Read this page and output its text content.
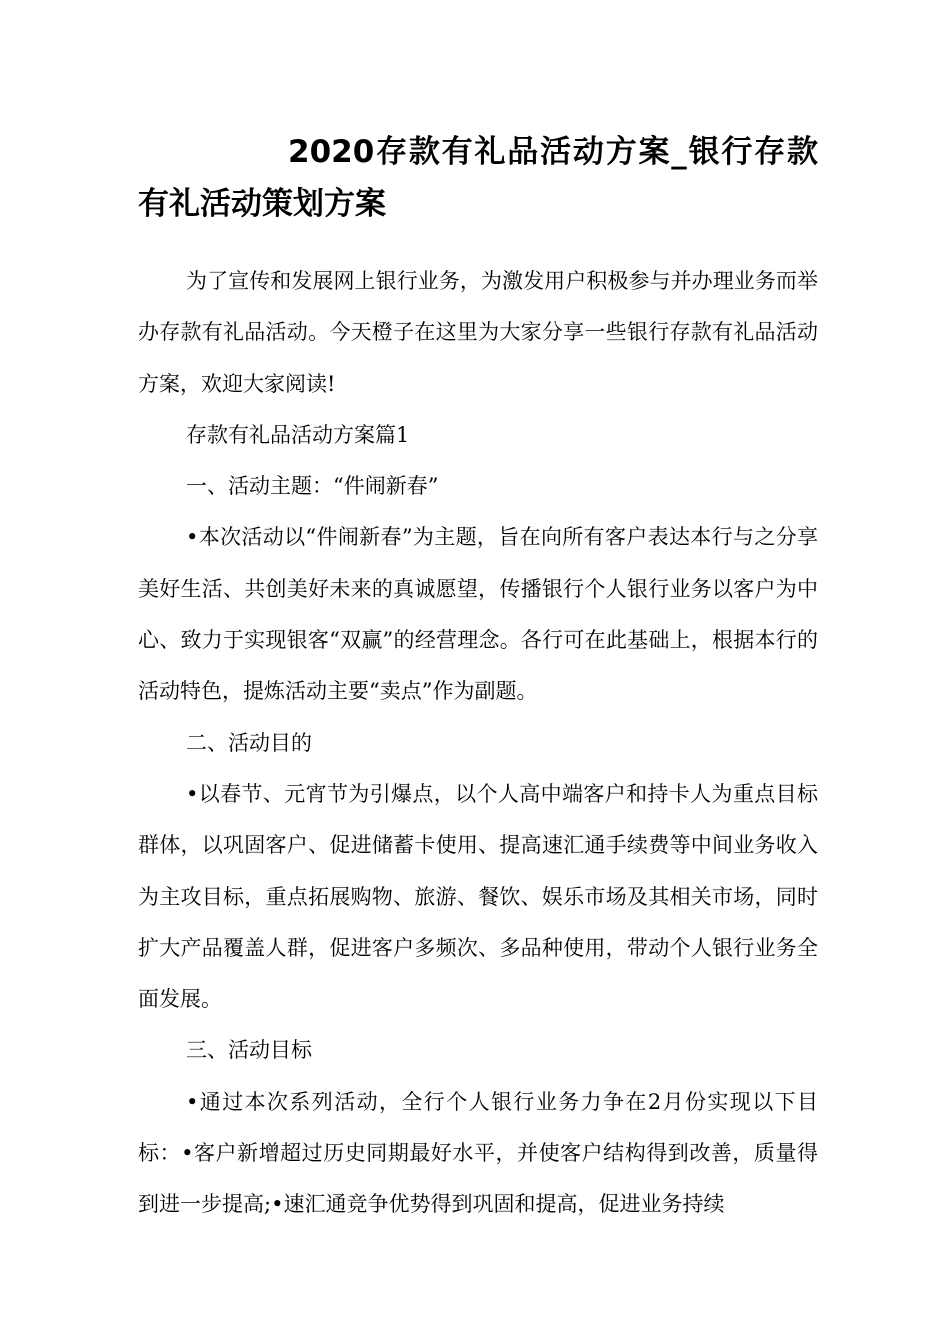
2020存款有礼品活动方案_银行存款有礼活动策划方案

为了宣传和发展网上银行业务，为激发用户积极参与并办理业务而举办存款有礼品活动。今天橙子在这里为大家分享一些银行存款有礼品活动方案，欢迎大家阅读!

存款有礼品活动方案篇1

一、活动主题：“件闹新春”

•本次活动以“件闹新春”为主题，旨在向所有客户表达本行与之分享美好生活、共创美好未来的真诚愿望，传播银行个人银行业务以客户为中心、致力于实现银客“双赢”的经营理念。各行可在此基础上，根据本行的活动特色，提炼活动主要“卖点”作为副题。

二、活动目的

•以春节、元宵节为引爆点，以个人高中端客户和持卡人为重点目标群体，以巩固客户、促进储蓄卡使用、提高速汇通手续费等中间业务收入为主攻目标，重点拓展购物、旅游、餐饮、娱乐市场及其相关市场，同时扩大产品覆盖人群，促进客户多频次、多品种使用，带动个人银行业务全面发展。

三、活动目标

•通过本次系列活动，全行个人银行业务力争在2月份实现以下目标：•客户新增超过历史同期最好水平，并使客户结构得到改善，质量得到进一步提高;•速汇通竞争优势得到巩固和提高，促进业务持续
